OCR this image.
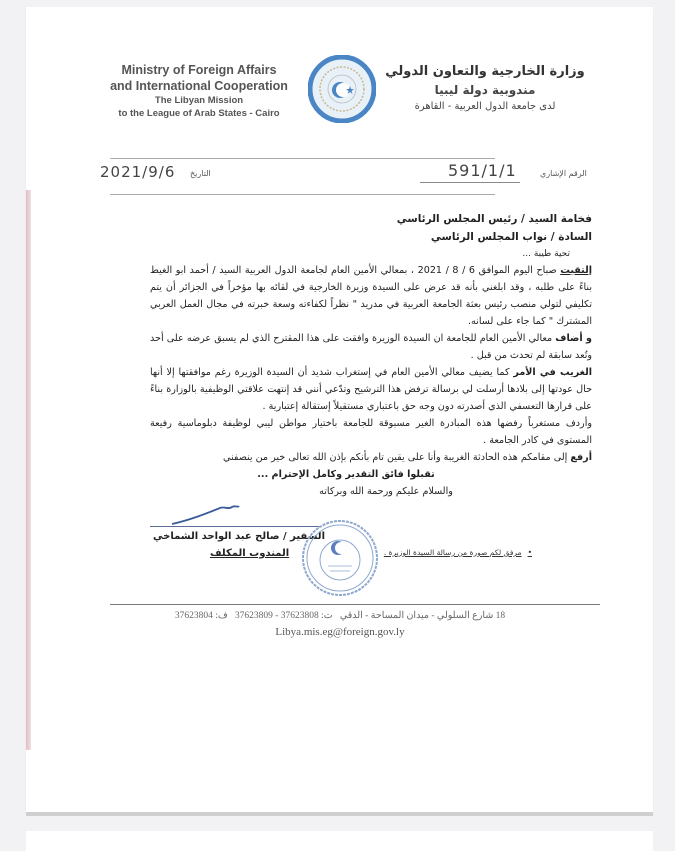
Ministry of Foreign Affairs
and International Cooperation
The Libyan Mission
to the League of Arab States - Cairo
وزارة الخارجية والتعاون الدولي
مندوبية دولة ليبيا
لدى جامعة الدول العربية - القاهرة
2021/9/6 التاريخ	591/1/1	الرقم الإشاري
فخامة السيد / رئيس المجلس الرئاسي
السادة / نواب المجلس الرئاسي
تحية طيبة ...

إلتقيت صباح اليوم الموافق 6 / 8 / 2021 ، بمعالي الأمين العام لجامعة الدول العربية السيد / أحمد ابو الغيط بناءً على طلبه ، وقد ابلغني بأنه قد عرض على السيدة وزيرة الخارجية في لقائه بها مؤخراً في الجزائر أن يتم تكليفي لتولي منصب رئيس بعثة الجامعة العربية في مدريد " نظراً لكفاءته وسعة خبرته في مجال العمل العربي المشترك " كما جاء على لسانه.

و أضاف معالي الأمين العام للجامعة ان السيدة الوزيرة وافقت على هذا المقترح الذي لم يسبق عرضه على أحد وتُعد سابقة لم تحدث من قبل .

الغريب في الأمر كما يضيف معالي الأمين العام في إستغراب شديد أن السيدة الوزيرة رغم موافقتها إلا أنها حال عودتها إلى بلادها أرسلت لي برسالة ترفض هذا الترشيح وتدّعي أنني قد إنتهت علاقتي الوظيفية بالوزارة بناءً على قرارها التعسفي الذي أصدرته دون وجه حق باعتباري مستقيلاً إستقالة إعتبارية .

وأردف مستغرباً رفضها هذه المبادرة الغير مسبوقة للجامعة باختيار مواطن ليبي لوظيفة دبلوماسية رفيعة المستوى في كادر الجامعة .

أرفع إلى مقامكم هذه الحادثة الغريبة وأنا على يقين تام بأنكم بإذن الله تعالى خير من ينصفني

تقبلوا فائق التقدير وكامل الإحترام ...
والسلام عليكم ورحمة الله وبركاته
السفير / صالح عبد الواحد الشماخي
المندوب المكلف	•مرفق لكم صورة من رسالة السيدة الوزيرة .
18 شارع السلولي - ميدان المساحة - الدقي   ت: 37623808 - 37623809   ف: 37623804
Libya.mis.eg@foreign.gov.ly
